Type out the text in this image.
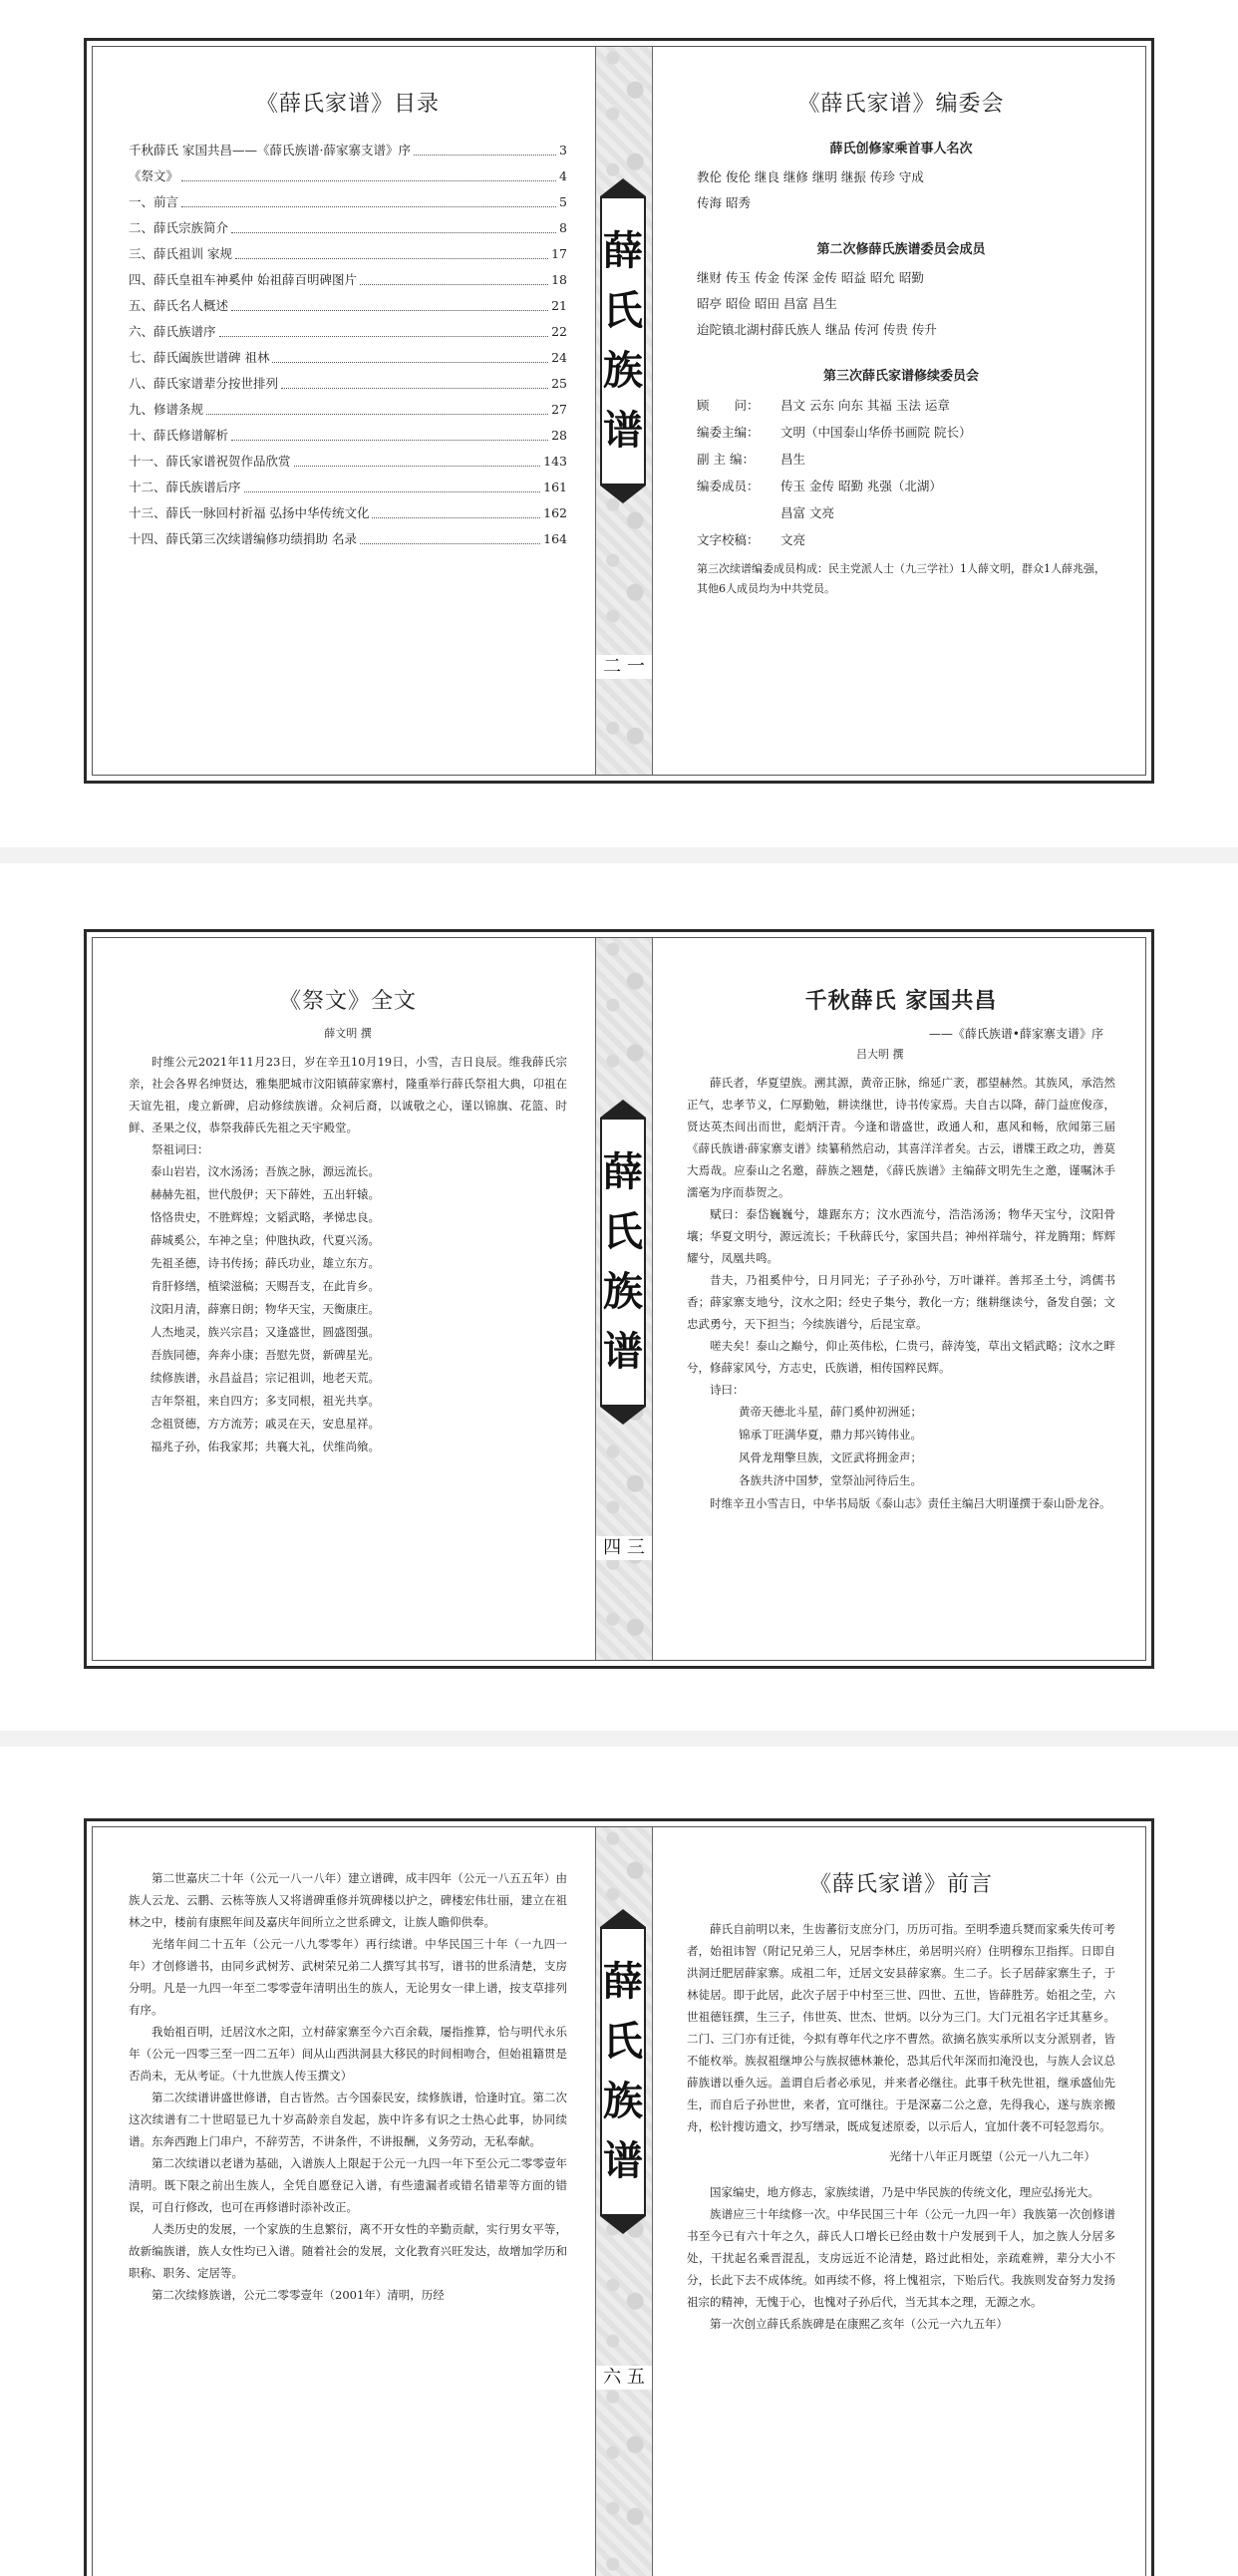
《薛氏家谱》目录
千秋薛氏 家国共昌——《薛氏族谱·薛家寨支谱》序	3
《祭文》	4
一、前言	5
二、薛氏宗族简介	8
三、薛氏祖训 家规	17
四、薛氏皇祖车神奚仲 始祖薛百明碑图片	18
五、薛氏名人概述	21
六、薛氏族谱序	22
七、薛氏阖族世谱碑 祖林	24
八、薛氏家谱辈分按世排列	25
九、修谱条规	27
十、薛氏修谱解析	28
十一、薛氏家谱祝贺作品欣赏	143
十二、薛氏族谱后序	161
十三、薛氏一脉回村祈福 弘扬中华传统文化	162
十四、薛氏第三次续谱编修功绩捐助 名录	164
薛
氏
族
谱
二 一
《薛氏家谱》编委会
薛氏创修家乘首事人名次
教伦 俊伦 继良 继修 继明 继振 传珍 守成
传海 昭秀
第二次修薛氏族谱委员会成员
继财 传玉 传金 传深 金传 昭益 昭允 昭勤
昭亭 昭俭 昭田 昌富 昌生
迨陀镇北湖村薛氏族人 继品 传河 传贵 传升
第三次薛氏家谱修续委员会
顾　　问：	昌文 云东 向东 其福 玉法 运章
编委主编：	文明（中国泰山华侨书画院 院长）
副 主 编：	昌生
编委成员：	传玉 金传 昭勤 兆强（北湖）
昌富 文亮
文字校稿：	文亮
第三次续谱编委成员构成：民主党派人士（九三学社）1人薛文明，群众1人薛兆强，其他6人成员均为中共党员。
《祭文》全文

薛文明 撰

时维公元2021年11月23日，岁在辛丑10月19日，小雪，吉日良辰。维我薛氏宗亲，社会各界名绅贤达，雅集肥城市汶阳镇薛家寨村，隆重举行薛氏祭祖大典，卬祖在天谊先祖，虔立新碑，启动修续族谱。众祠后裔，以诚敬之心，谨以锦旗、花篮、时鲜、圣果之仪，恭祭我薛氏先祖之天宇殿堂。

祭祖词曰：

泰山岩岩，汶水汤汤；吾族之脉，源远流长。
赫赫先祖，世代殷伊；天下薛姓，五出轩辕。
恪恪贵史，不胜辉煌；文韬武略，孝悌忠良。
薛城奚公，车神之皇；仲虺执政，代夏兴汤。
先祖圣德，诗书传扬；薛氏功业，雄立东方。
肯肝修缮，植梁滋稿；天赐吾支，在此肯乡。
汶阳月清，薛寨日朗；物华天宝，天衡康庄。
人杰地灵，族兴宗昌；又逢盛世，圆盛图强。
吾族同德，奔奔小康；吾慰先贤，新碑星光。
续修族谱，永昌益昌；宗记祖训，地老天荒。
吉年祭祖，来自四方；多支同根，祖光共享。
念祖贤德，方方流芳；戚灵在天，安息星祥。
福兆子孙，佑我家邦；共襄大礼，伏维尚飨。
薛
氏
族
谱
四 三
千秋薛氏 家国共昌
——《薛氏族谱•薛家寨支谱》序

吕大明 撰

薛氏者，华夏望族。溯其源，黄帝正脉，绵延广袤，郡望赫然。其族风，承浩然正气，忠孝节义，仁厚勤勉，耕读继世，诗书传家焉。夫自古以降，薛门益庶俊彦，贤达英杰间出而世，彪炳汗青。今逢和谐盛世，政通人和，惠风和畅，欣闻第三届《薛氏族谱·薛家寨支谱》续纂稍然启动，其喜洋洋者矣。古云，谱牒王政之功，善莫大焉哉。应泰山之名邀，薛族之翘楚，《薛氏族谱》主编薛文明先生之邀，谨嘱沐手濡毫为序而恭贺之。

赋曰：泰岱巍巍兮，雄踞东方；汶水西流兮，浩浩汤汤；物华天宝兮，汶阳骨壤；华夏文明兮，源远流长；千秋薛氏兮，家国共昌；神州祥瑞兮，祥龙腾翔；辉辉耀兮，凤凰共鸣。

昔夫，乃祖奚仲兮，日月同光；子子孙孙兮，万叶谦祥。善邦圣土兮，鸿儒书香；薛家寨支地兮，汶水之阳；经史子集兮，教化一方；继耕继读兮，备发自强；文忠武勇兮，天下担当；今续族谱兮，后昆宝章。

嗟夫矣！泰山之巅兮，仰止英伟松，仁贵弓，薛涛笺，草出文韬武略；汶水之畔兮，修薛家风兮，方志史，氏族谱，相传国粹民辉。

诗曰：

黄帝天德北斗星，薛门奚仲初洲延；
锦承丁旺满华夏，鼎力邦兴铸伟业。
风骨龙翔擎旦族，文匠武将拥金声；
各族共济中国梦，堂祭汕河待后生。

时维辛丑小雪吉日，中华书局版《泰山志》责任主编吕大明谨撰于泰山卧龙谷。

第二世嘉庆二十年（公元一八一八年）建立谱碑，成丰四年（公元一八五五年）由族人云龙、云鹏、云栋等族人又将谱碑重修并筑碑楼以护之，碑楼宏伟壮丽，建立在祖林之中，楼前有康熙年间及嘉庆年间所立之世系碑文，让族人瞻仰供奉。

光绪年间二十五年（公元一八九零零年）再行续谱。中华民国三十年（一九四一年）才创修谱书，由同乡武树芳、武树荣兄弟二人撰写其书写，谱书的世系清楚，支房分明。凡是一九四一年至二零零壹年清明出生的族人，无论男女一律上谱，按支草排列有序。

我始祖百明，迁居汶水之阳，立村薛家寨至今六百余载，屡指推算，恰与明代永乐年（公元一四零三至一四二五年）间从山西洪洞县大移民的时间相吻合，但始祖籍贯是否尚未，无从考证。（十九世族人传玉撰文）

第二次续谱讲盛世修谱，自古皆然。古今国泰民安，续修族谱，恰逢时宜。第二次这次续谱有二十世昭显已九十岁高龄亲自发起，族中许多有识之士热心此事，协同续谱。东奔西跑上门串户，不辞劳苦，不讲条件，不讲报酬，义务劳动，无私奉献。

第二次续谱以老谱为基础，入谱族人上限起于公元一九四一年下至公元二零零壹年清明。既下限之前出生族人，全凭自愿登记入谱，有些遗漏者或错名错辈等方面的错误，可自行修改，也可在再修谱时添补改正。

人类历史的发展，一个家族的生息繁衍，离不开女性的辛勤贡献，实行男女平等，故新编族谱，族人女性均已入谱。随着社会的发展，文化教育兴旺发达，故增加学历和职称、职务、定居等。

第二次续修族谱，公元二零零壹年（2001年）清明，历经

薛
氏
族
谱
六 五
《薛氏家谱》前言

薛氏自前明以来，生齿蕃衍支庶分门，历历可指。至明季遗兵燹而家乘失传可考者，始祖讳智（附记兄弟三人，兄居李林庄，弟居明兴府）住明穆东卫指挥。日即自洪洞迁肥居薛家寨。成祖二年，迁居文安县薛家寨。生二子。长子居薛家寨生子，于林徒居。即于此居，此次子居于中村至三世、四世、五世，皆薛胜芳。始祖之茔，六世祖德钰撰，生三子，伟世英、世杰、世炳。以分为三门。大门元祖名字迁其墓乡。二门、三门亦有迁徙，今拟有尊年代之序不曹然。欲摘名族实承所以支分派别者，皆不能枚举。族叔祖继坤公与族叔德林兼伦，恐其后代年深而扣淹没也，与族人会议总薛族谱以垂久远。盖谓自后者必承见，并来者必继往。此事千秋先世祖，继承盛仙先生，而自后子孙世世，来者，宜可继往。于是深嘉二公之意，先得我心，遂与族亲搬舟，松针搜访遗文，抄写缮录，既成复述原委，以示后人，宜加什袭不可轻忽焉尔。

光绪十八年正月既望（公元一八九二年）

国家编史，地方修志，家族续谱，乃是中华民族的传统文化，理应弘扬光大。

族谱应三十年续修一次。中华民国三十年（公元一九四一年）我族第一次创修谱书至今已有六十年之久，薛氏人口增长已经由数十户发展到千人，加之族人分居多处，干扰起名乘晋混乱，支房远近不论清楚，路过此相处，亲疏难辨，辈分大小不分，长此下去不成体统。如再续不修，将上愧祖宗，下贻后代。我族则发奋努力发扬祖宗的精神，无愧于心，也愧对子孙后代，当无其本之理，无源之水。

第一次创立薛氏系族碑是在康熙乙亥年（公元一六九五年）
